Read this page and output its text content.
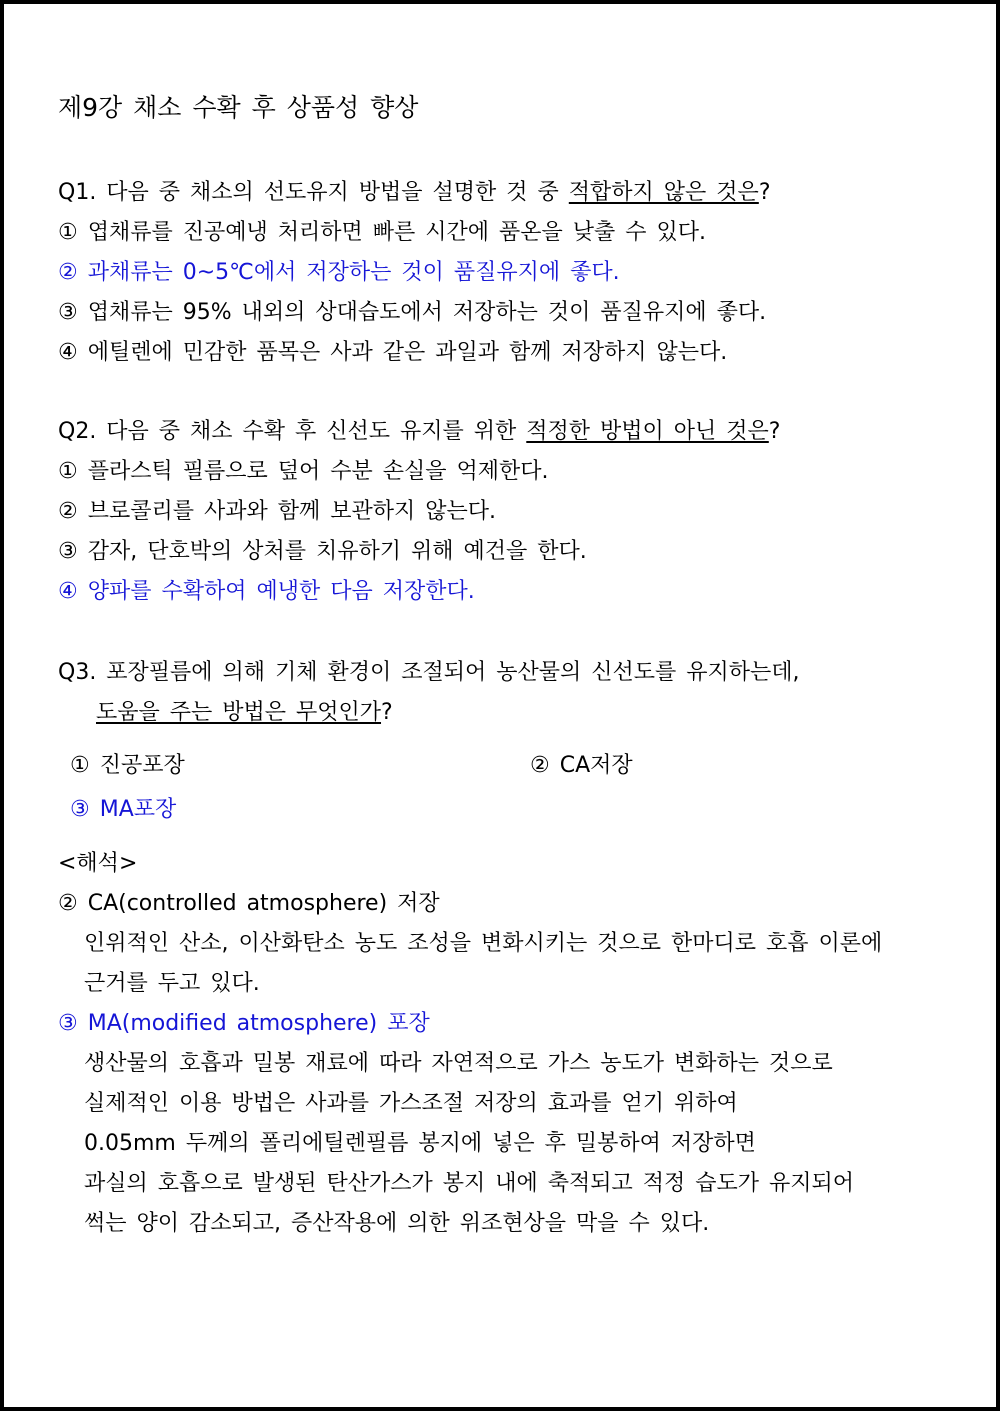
제9강 채소 수확 후 상품성 향상
Q1. 다음 중 채소의 선도유지 방법을 설명한 것 중 적합하지 않은 것은?
① 엽채류를 진공예냉 처리하면 빠른 시간에 품온을 낮출 수 있다.
② 과채류는 0~5℃에서 저장하는 것이 품질유지에 좋다.
③ 엽채류는 95% 내외의 상대습도에서 저장하는 것이 품질유지에 좋다.
④ 에틸렌에 민감한 품목은 사과 같은 과일과 함께 저장하지 않는다.
Q2. 다음 중 채소 수확 후 신선도 유지를 위한 적정한 방법이 아닌 것은?
① 플라스틱 필름으로 덮어 수분 손실을 억제한다.
② 브로콜리를 사과와 함께 보관하지 않는다.
③ 감자, 단호박의 상처를 치유하기 위해 예건을 한다.
④ 양파를 수확하여 예냉한 다음 저장한다.
Q3. 포장필름에 의해 기체 환경이 조절되어 농산물의 신선도를 유지하는데,
도움을 주는 방법은 무엇인가?
① 진공포장	② CA저장
③ MA포장
<해석>
② CA(controlled atmosphere) 저장
인위적인 산소, 이산화탄소 농도 조성을 변화시키는 것으로 한마디로 호흡 이론에
근거를 두고 있다.
③ MA(modified atmosphere) 포장
생산물의 호흡과 밀봉 재료에 따라 자연적으로 가스 농도가 변화하는 것으로
실제적인 이용 방법은 사과를 가스조절 저장의 효과를 얻기 위하여
0.05mm 두께의 폴리에틸렌필름 봉지에 넣은 후 밀봉하여 저장하면
과실의 호흡으로 발생된 탄산가스가 봉지 내에 축적되고 적정 습도가 유지되어
썩는 양이 감소되고, 증산작용에 의한 위조현상을 막을 수 있다.
